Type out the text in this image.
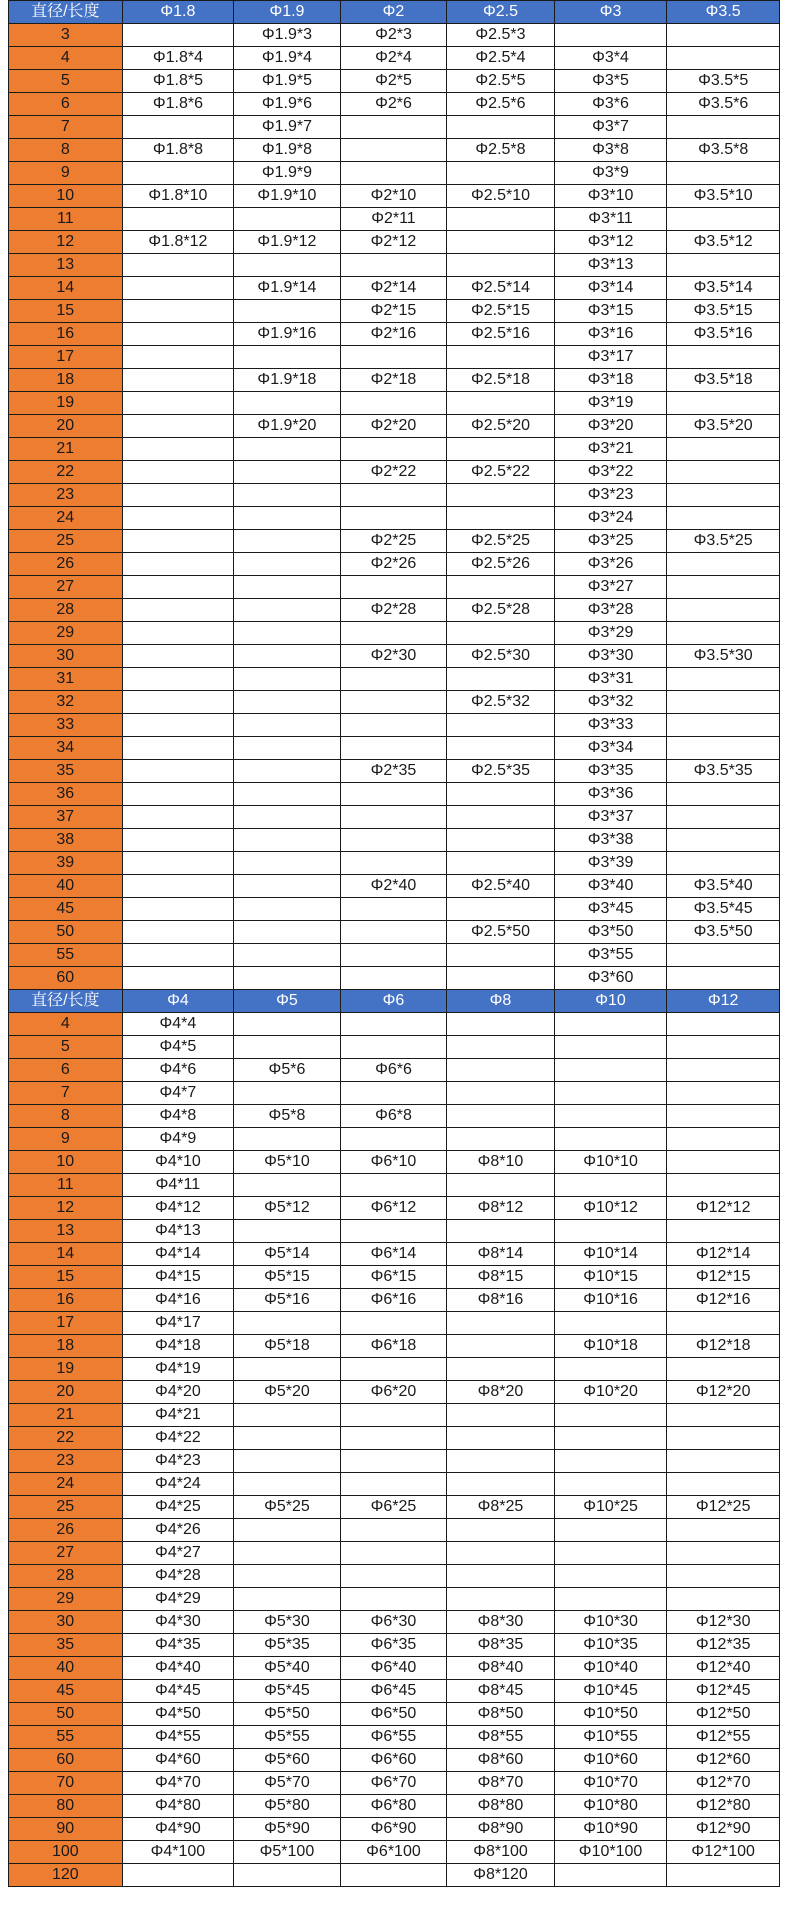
直径/长度	Φ1.8	Φ1.9	Φ2	Φ2.5	Φ3	Φ3.5
3		Φ1.9*3	Φ2*3	Φ2.5*3		
4	Φ1.8*4	Φ1.9*4	Φ2*4	Φ2.5*4	Φ3*4	
5	Φ1.8*5	Φ1.9*5	Φ2*5	Φ2.5*5	Φ3*5	Φ3.5*5
6	Φ1.8*6	Φ1.9*6	Φ2*6	Φ2.5*6	Φ3*6	Φ3.5*6
7		Φ1.9*7			Φ3*7	
8	Φ1.8*8	Φ1.9*8		Φ2.5*8	Φ3*8	Φ3.5*8
9		Φ1.9*9			Φ3*9	
10	Φ1.8*10	Φ1.9*10	Φ2*10	Φ2.5*10	Φ3*10	Φ3.5*10
11			Φ2*11		Φ3*11	
12	Φ1.8*12	Φ1.9*12	Φ2*12		Φ3*12	Φ3.5*12
13					Φ3*13	
14		Φ1.9*14	Φ2*14	Φ2.5*14	Φ3*14	Φ3.5*14
15			Φ2*15	Φ2.5*15	Φ3*15	Φ3.5*15
16		Φ1.9*16	Φ2*16	Φ2.5*16	Φ3*16	Φ3.5*16
17					Φ3*17	
18		Φ1.9*18	Φ2*18	Φ2.5*18	Φ3*18	Φ3.5*18
19					Φ3*19	
20		Φ1.9*20	Φ2*20	Φ2.5*20	Φ3*20	Φ3.5*20
21					Φ3*21	
22			Φ2*22	Φ2.5*22	Φ3*22	
23					Φ3*23	
24					Φ3*24	
25			Φ2*25	Φ2.5*25	Φ3*25	Φ3.5*25
26			Φ2*26	Φ2.5*26	Φ3*26	
27					Φ3*27	
28			Φ2*28	Φ2.5*28	Φ3*28	
29					Φ3*29	
30			Φ2*30	Φ2.5*30	Φ3*30	Φ3.5*30
31					Φ3*31	
32				Φ2.5*32	Φ3*32	
33					Φ3*33	
34					Φ3*34	
35			Φ2*35	Φ2.5*35	Φ3*35	Φ3.5*35
36					Φ3*36	
37					Φ3*37	
38					Φ3*38	
39					Φ3*39	
40			Φ2*40	Φ2.5*40	Φ3*40	Φ3.5*40
45					Φ3*45	Φ3.5*45
50				Φ2.5*50	Φ3*50	Φ3.5*50
55					Φ3*55	
60					Φ3*60	
直径/长度	Φ4	Φ5	Φ6	Φ8	Φ10	Φ12
4	Φ4*4					
5	Φ4*5					
6	Φ4*6	Φ5*6	Φ6*6			
7	Φ4*7					
8	Φ4*8	Φ5*8	Φ6*8			
9	Φ4*9					
10	Φ4*10	Φ5*10	Φ6*10	Φ8*10	Φ10*10	
11	Φ4*11					
12	Φ4*12	Φ5*12	Φ6*12	Φ8*12	Φ10*12	Φ12*12
13	Φ4*13					
14	Φ4*14	Φ5*14	Φ6*14	Φ8*14	Φ10*14	Φ12*14
15	Φ4*15	Φ5*15	Φ6*15	Φ8*15	Φ10*15	Φ12*15
16	Φ4*16	Φ5*16	Φ6*16	Φ8*16	Φ10*16	Φ12*16
17	Φ4*17					
18	Φ4*18	Φ5*18	Φ6*18		Φ10*18	Φ12*18
19	Φ4*19					
20	Φ4*20	Φ5*20	Φ6*20	Φ8*20	Φ10*20	Φ12*20
21	Φ4*21					
22	Φ4*22					
23	Φ4*23					
24	Φ4*24					
25	Φ4*25	Φ5*25	Φ6*25	Φ8*25	Φ10*25	Φ12*25
26	Φ4*26					
27	Φ4*27					
28	Φ4*28					
29	Φ4*29					
30	Φ4*30	Φ5*30	Φ6*30	Φ8*30	Φ10*30	Φ12*30
35	Φ4*35	Φ5*35	Φ6*35	Φ8*35	Φ10*35	Φ12*35
40	Φ4*40	Φ5*40	Φ6*40	Φ8*40	Φ10*40	Φ12*40
45	Φ4*45	Φ5*45	Φ6*45	Φ8*45	Φ10*45	Φ12*45
50	Φ4*50	Φ5*50	Φ6*50	Φ8*50	Φ10*50	Φ12*50
55	Φ4*55	Φ5*55	Φ6*55	Φ8*55	Φ10*55	Φ12*55
60	Φ4*60	Φ5*60	Φ6*60	Φ8*60	Φ10*60	Φ12*60
70	Φ4*70	Φ5*70	Φ6*70	Φ8*70	Φ10*70	Φ12*70
80	Φ4*80	Φ5*80	Φ6*80	Φ8*80	Φ10*80	Φ12*80
90	Φ4*90	Φ5*90	Φ6*90	Φ8*90	Φ10*90	Φ12*90
100	Φ4*100	Φ5*100	Φ6*100	Φ8*100	Φ10*100	Φ12*100
120				Φ8*120		
